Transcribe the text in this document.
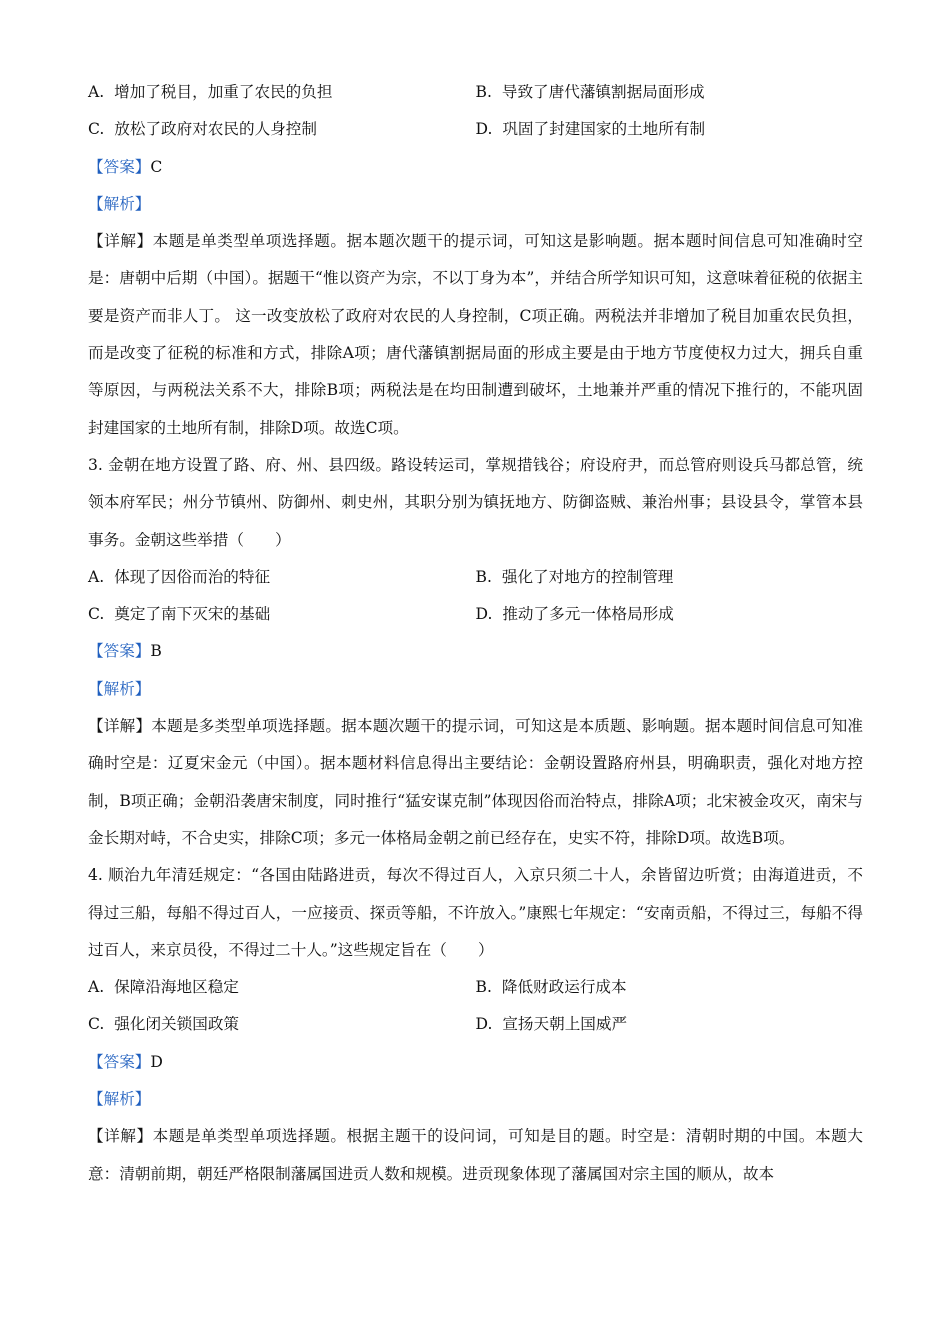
A. 增加了税目，加重了农民的负担	B. 导致了唐代藩镇割据局面形成
C. 放松了政府对农民的人身控制	D. 巩固了封建国家的土地所有制
【答案】C
【解析】
【详解】本题是单类型单项选择题。据本题次题干的提示词，可知这是影响题。据本题时间信息可知准确时空是：唐朝中后期（中国）。据题干“惟以资产为宗，不以丁身为本”，并结合所学知识可知，这意味着征税的依据主要是资产而非人丁。 这一改变放松了政府对农民的人身控制，C项正确。两税法并非增加了税目加重农民负担，而是改变了征税的标准和方式，排除A项；唐代藩镇割据局面的形成主要是由于地方节度使权力过大，拥兵自重等原因，与两税法关系不大，排除B项；两税法是在均田制遭到破坏，土地兼并严重的情况下推行的，不能巩固封建国家的土地所有制，排除D项。故选C项。
3. 金朝在地方设置了路、府、州、县四级。路设转运司，掌规措钱谷；府设府尹，而总管府则设兵马都总管，统领本府军民；州分节镇州、防御州、刺史州，其职分别为镇抚地方、防御盗贼、兼治州事；县设县令，掌管本县事务。金朝这些举措（　　）
A. 体现了因俗而治的特征	B. 强化了对地方的控制管理
C. 奠定了南下灭宋的基础	D. 推动了多元一体格局形成
【答案】B
【解析】
【详解】本题是多类型单项选择题。据本题次题干的提示词，可知这是本质题、影响题。据本题时间信息可知准确时空是：辽夏宋金元（中国）。据本题材料信息得出主要结论：金朝设置路府州县，明确职责，强化对地方控制，B项正确；金朝沿袭唐宋制度，同时推行“猛安谋克制”体现因俗而治特点，排除A项；北宋被金攻灭，南宋与金长期对峙，不合史实，排除C项；多元一体格局金朝之前已经存在，史实不符，排除D项。故选B项。
4. 顺治九年清廷规定：“各国由陆路进贡，每次不得过百人，入京只须二十人，余皆留边听赏；由海道进贡，不得过三船，每船不得过百人，一应接贡、探贡等船，不许放入。”康熙七年规定：“安南贡船，不得过三，每船不得过百人，来京员役，不得过二十人。”这些规定旨在（　　）
A. 保障沿海地区稳定	B. 降低财政运行成本
C. 强化闭关锁国政策	D. 宣扬天朝上国威严
【答案】D
【解析】
【详解】本题是单类型单项选择题。根据主题干的设问词，可知是目的题。时空是：清朝时期的中国。本题大意：清朝前期，朝廷严格限制藩属国进贡人数和规模。进贡现象体现了藩属国对宗主国的顺从，故本
